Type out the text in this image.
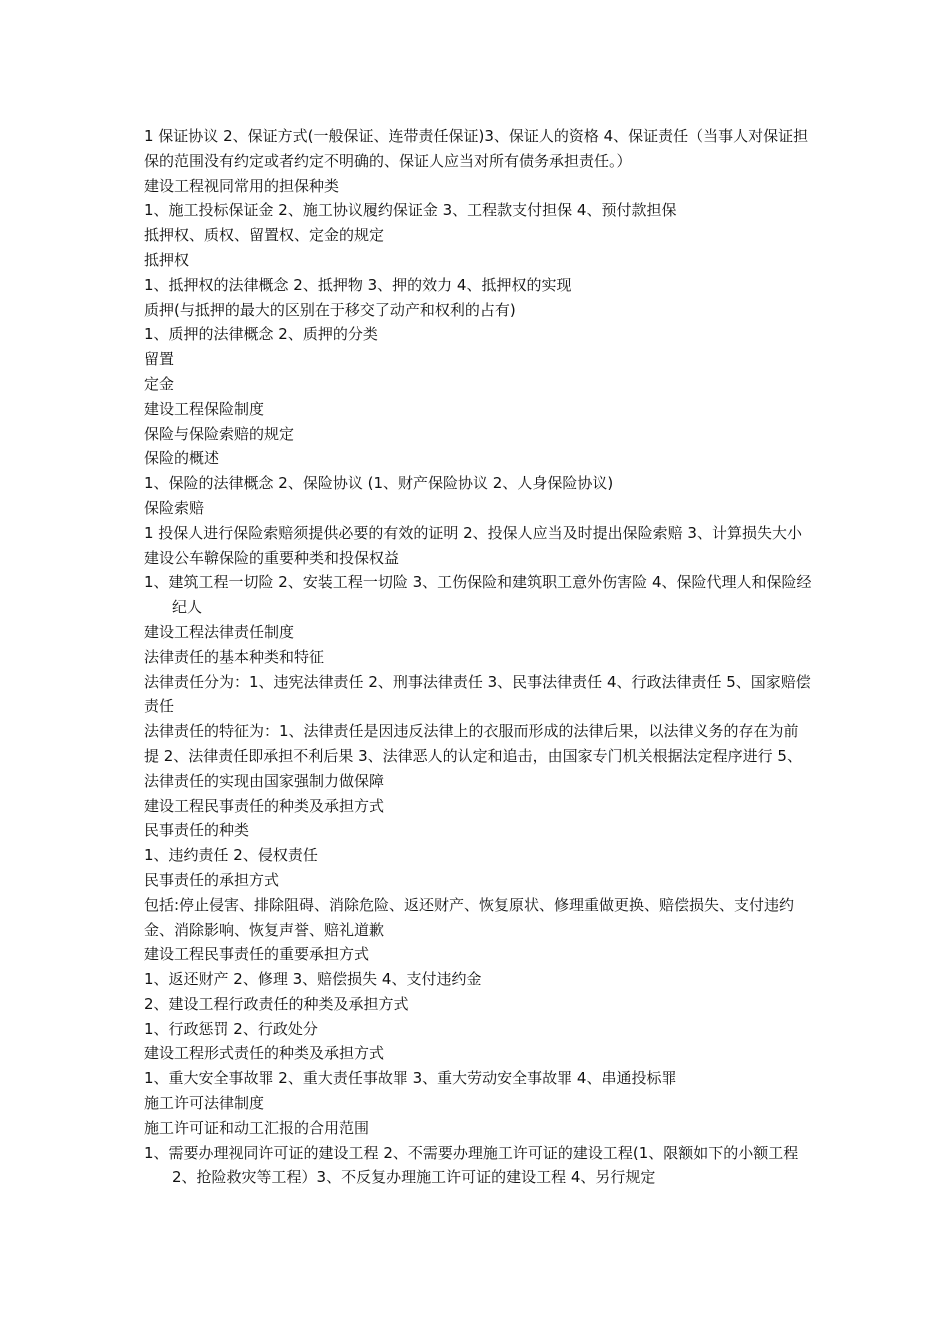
1 保证协议 2、保证方式(一般保证、连带责任保证)3、保证人的资格 4、保证责任（当事人对保证担保的范围没有约定或者约定不明确的、保证人应当对所有债务承担责任。）

建设工程视同常用的担保种类

1、施工投标保证金 2、施工协议履约保证金 3、工程款支付担保 4、预付款担保

抵押权、质权、留置权、定金的规定

抵押权

1、抵押权的法律概念 2、抵押物 3、押的效力 4、抵押权的实现

质押(与抵押的最大的区别在于移交了动产和权利的占有)

1、质押的法律概念 2、质押的分类

留置

定金

建设工程保险制度

保险与保险索赔的规定

保险的概述

1、保险的法律概念 2、保险协议 (1、财产保险协议 2、人身保险协议)

保险索赔

1 投保人进行保险索赔须提供必要的有效的证明 2、投保人应当及时提出保险索赔 3、计算损失大小

建设公车鞥保险的重要种类和投保权益

1、建筑工程一切险 2、安装工程一切险 3、工伤保险和建筑职工意外伤害险 4、保险代理人和保险经纪人

建设工程法律责任制度

法律责任的基本种类和特征

法律责任分为：1、违宪法律责任 2、刑事法律责任 3、民事法律责任 4、行政法律责任 5、国家赔偿责任

法律责任的特征为：1、法律责任是因违反法律上的衣服而形成的法律后果，以法律义务的存在为前提 2、法律责任即承担不利后果 3、法律恶人的认定和追击，由国家专门机关根据法定程序进行 5、法律责任的实现由国家强制力做保障

建设工程民事责任的种类及承担方式

民事责任的种类

1、违约责任 2、侵权责任

民事责任的承担方式

包括:停止侵害、排除阻碍、消除危险、返还财产、恢复原状、修理重做更换、赔偿损失、支付违约金、消除影响、恢复声誉、赔礼道歉

建设工程民事责任的重要承担方式

1、返还财产 2、修理 3、赔偿损失 4、支付违约金

2、建设工程行政责任的种类及承担方式

1、行政惩罚 2、行政处分

建设工程形式责任的种类及承担方式

1、重大安全事故罪 2、重大责任事故罪 3、重大劳动安全事故罪 4、串通投标罪

施工许可法律制度

施工许可证和动工汇报的合用范围

1、需要办理视同许可证的建设工程 2、不需要办理施工许可证的建设工程(1、限额如下的小额工程 2、抢险救灾等工程）3、不反复办理施工许可证的建设工程 4、另行规定
